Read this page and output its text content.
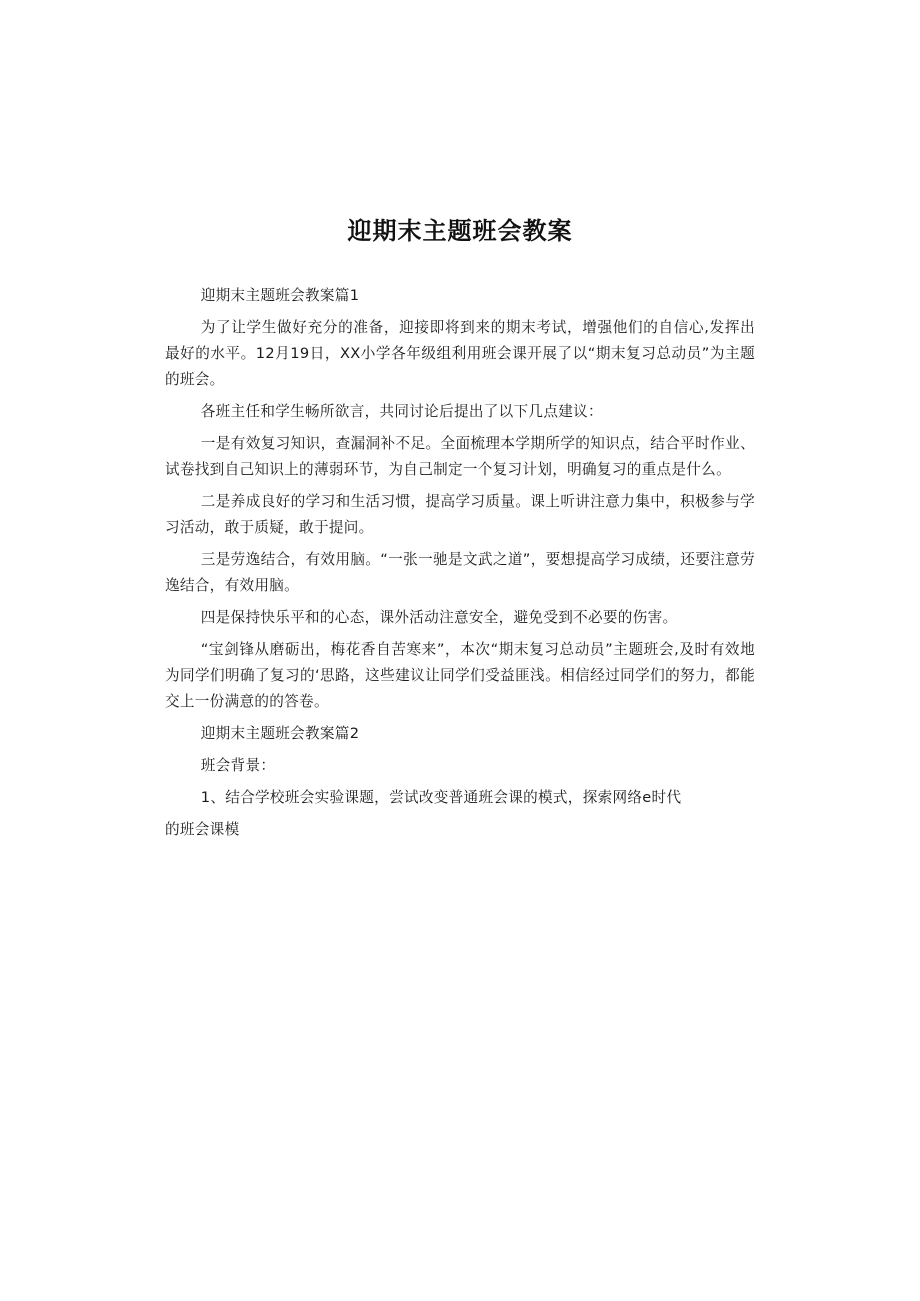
迎期末主题班会教案

迎期末主题班会教案篇1

为了让学生做好充分的准备，迎接即将到来的期末考试，增强他们的自信心,发挥出最好的水平。12月19日，XX小学各年级组利用班会课开展了以“期末复习总动员”为主题的班会。

各班主任和学生畅所欲言，共同讨论后提出了以下几点建议：

一是有效复习知识，查漏洞补不足。全面梳理本学期所学的知识点，结合平时作业、试卷找到自己知识上的薄弱环节，为自己制定一个复习计划，明确复习的重点是什么。

二是养成良好的学习和生活习惯，提高学习质量。课上听讲注意力集中，积极参与学习活动，敢于质疑，敢于提问。

三是劳逸结合，有效用脑。“一张一驰是文武之道”，要想提高学习成绩，还要注意劳逸结合，有效用脑。

四是保持快乐平和的心态，课外活动注意安全，避免受到不必要的伤害。

“宝剑锋从磨砺出，梅花香自苦寒来”，本次“期末复习总动员”主题班会,及时有效地为同学们明确了复习的‘思路，这些建议让同学们受益匪浅。相信经过同学们的努力，都能交上一份满意的的答卷。

迎期末主题班会教案篇2

班会背景：

1、结合学校班会实验课题，尝试改变普通班会课的模式，探索网络e时代

的班会课模
